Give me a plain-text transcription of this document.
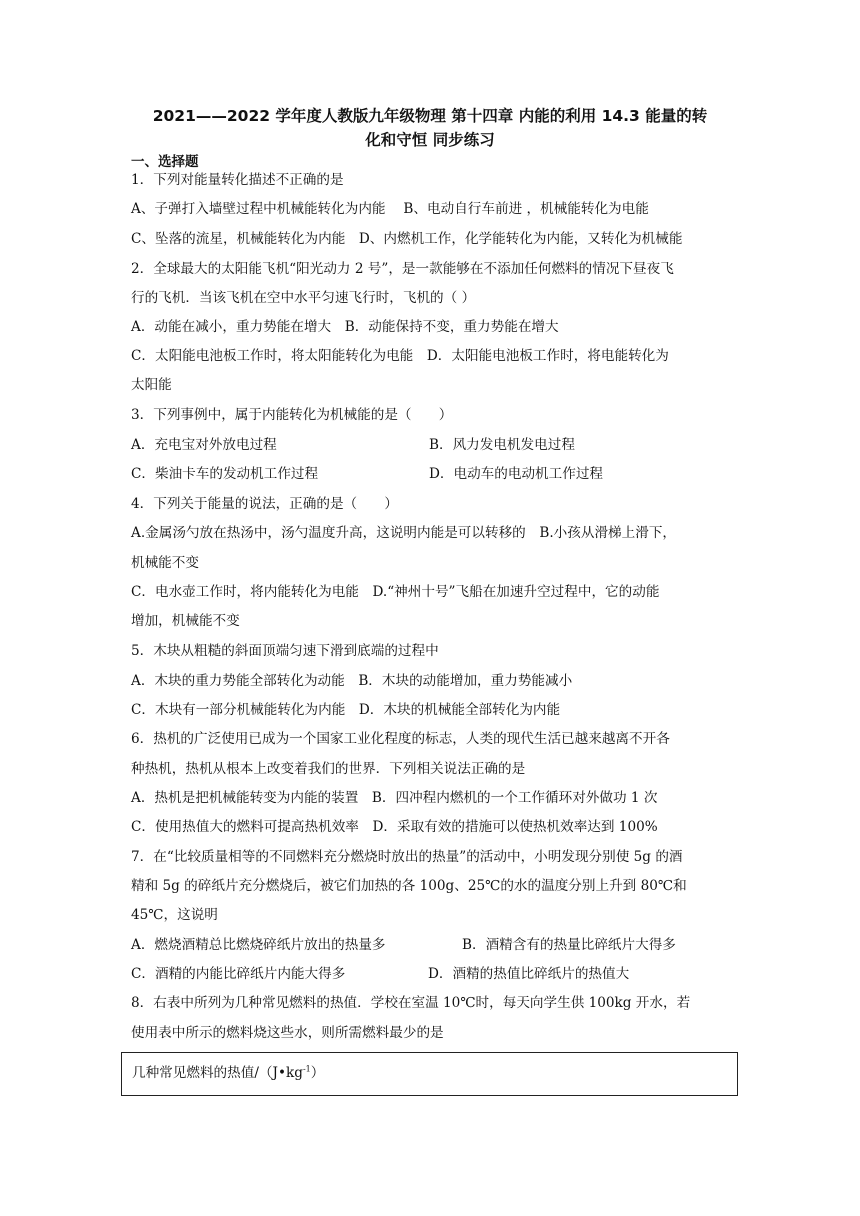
2021——2022 学年度人教版九年级物理 第十四章 内能的利用 14.3 能量的转
化和守恒 同步练习
一、选择题
1．下列对能量转化描述不正确的是
A、子弹打入墙壁过程中机械能转化为内能 　B、电动自行车前进 ，机械能转化为电能
C、坠落的流星，机械能转化为内能　D、内燃机工作，化学能转化为内能，又转化为机械能
2．全球最大的太阳能飞机“阳光动力 2 号”，是一款能够在不添加任何燃料的情况下昼夜飞
行的飞机．当该飞机在空中水平匀速飞行时，飞机的（ ）
A．动能在减小，重力势能在增大　B．动能保持不变，重力势能在增大
C．太阳能电池板工作时，将太阳能转化为电能　D．太阳能电池板工作时，将电能转化为
太阳能
3．下列事例中，属于内能转化为机械能的是（　　）
A．充电宝对外放电过程	B．风力发电机发电过程
C．柴油卡车的发动机工作过程	D．电动车的电动机工作过程
4．下列关于能量的说法，正确的是（　　）
A.金属汤勺放在热汤中，汤勺温度升高，这说明内能是可以转移的　B.小孩从滑梯上滑下，
机械能不变
C．电水壶工作时，将内能转化为电能　D.“神州十号”飞船在加速升空过程中，它的动能
增加，机械能不变
5．木块从粗糙的斜面顶端匀速下滑到底端的过程中
A．木块的重力势能全部转化为动能　B．木块的动能增加，重力势能减小
C．木块有一部分机械能转化为内能　D．木块的机械能全部转化为内能
6．热机的广泛使用已成为一个国家工业化程度的标志，人类的现代生活已越来越离不开各
种热机，热机从根本上改变着我们的世界．下列相关说法正确的是
A．热机是把机械能转变为内能的装置　B．四冲程内燃机的一个工作循环对外做功 1 次
C．使用热值大的燃料可提高热机效率　D．采取有效的措施可以使热机效率达到 100%
7．在“比较质量相等的不同燃料充分燃烧时放出的热量”的活动中，小明发现分别使 5g 的酒
精和 5g 的碎纸片充分燃烧后，被它们加热的各 100g、25℃的水的温度分别上升到 80℃和
45℃，这说明
A．燃烧酒精总比燃烧碎纸片放出的热量多	B．酒精含有的热量比碎纸片大得多
C．酒精的内能比碎纸片内能大得多	D．酒精的热值比碎纸片的热值大
8．右表中所列为几种常见燃料的热值．学校在室温 10℃时，每天向学生供 100kg 开水，若
使用表中所示的燃料烧这些水，则所需燃料最少的是
几种常见燃料的热值$/(J•kg^{-1})$
